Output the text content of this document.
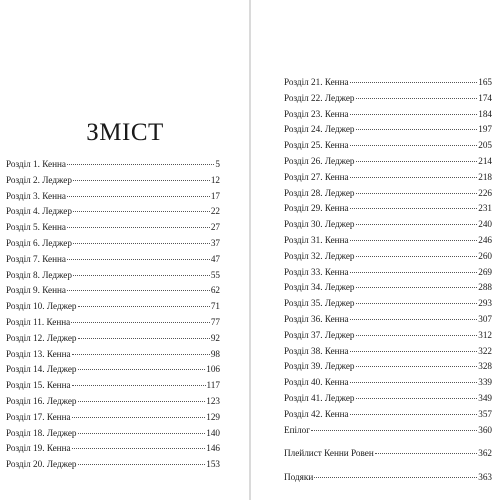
ЗМІСТ
Розділ 1. Кенна	5
Розділ 2. Леджер	12
Розділ 3. Кенна	17
Розділ 4. Леджер	22
Розділ 5. Кенна	27
Розділ 6. Леджер	37
Розділ 7. Кенна	47
Розділ 8. Леджер	55
Розділ 9. Кенна	62
Розділ 10. Леджер	71
Розділ 11. Кенна	77
Розділ 12. Леджер	92
Розділ 13. Кенна	98
Розділ 14. Леджер	106
Розділ 15. Кенна	117
Розділ 16. Леджер	123
Розділ 17. Кенна	129
Розділ 18. Леджер	140
Розділ 19. Кенна	146
Розділ 20. Леджер	153
Розділ 21. Кенна	165
Розділ 22. Леджер	174
Розділ 23. Кенна	184
Розділ 24. Леджер	197
Розділ 25. Кенна	205
Розділ 26. Леджер	214
Розділ 27. Кенна	218
Розділ 28. Леджер	226
Розділ 29. Кенна	231
Розділ 30. Леджер	240
Розділ 31. Кенна	246
Розділ 32. Леджер	260
Розділ 33. Кенна	269
Розділ 34. Леджер	288
Розділ 35. Леджер	293
Розділ 36. Кенна	307
Розділ 37. Леджер	312
Розділ 38. Кенна	322
Розділ 39. Леджер	328
Розділ 40. Кенна	339
Розділ 41. Леджер	349
Розділ 42. Кенна	357
Епілог	360
Плейлист Кенни Ровен	362
Подяки	363
